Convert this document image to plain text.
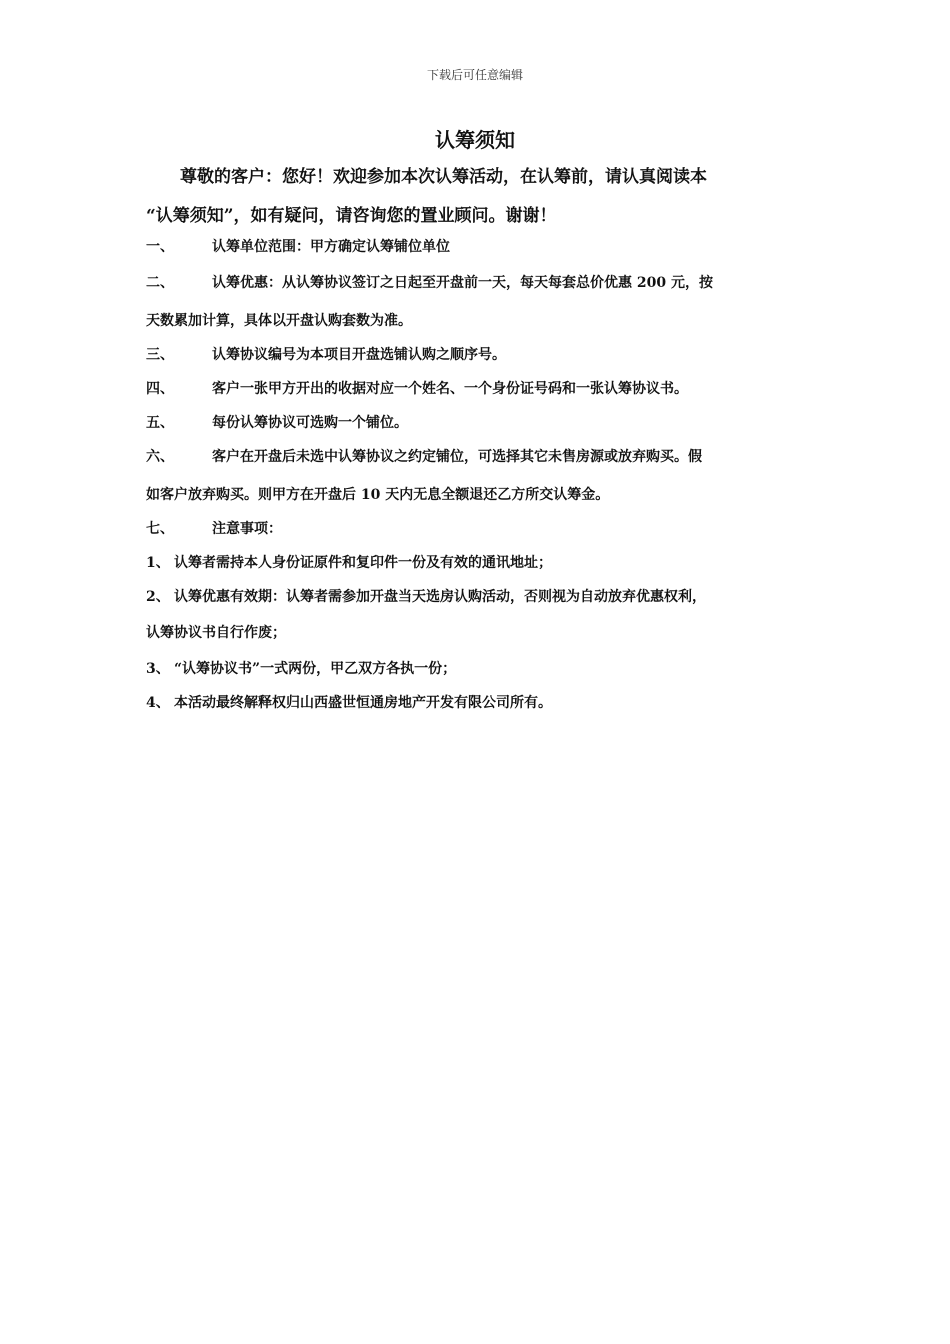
下载后可任意编辑
认筹须知
尊敬的客户：您好！欢迎参加本次认筹活动，在认筹前，请认真阅读本
“认筹须知”，如有疑问，请咨询您的置业顾问。谢谢！
一、	认筹单位范围：甲方确定认筹铺位单位
二、	认筹优惠：从认筹协议签订之日起至开盘前一天，每天每套总价优惠 200 元，按
天数累加计算，具体以开盘认购套数为准。
三、	认筹协议编号为本项目开盘选铺认购之顺序号。
四、	客户一张甲方开出的收据对应一个姓名、一个身份证号码和一张认筹协议书。
五、	每份认筹协议可选购一个铺位。
六、	客户在开盘后未选中认筹协议之约定铺位，可选择其它未售房源或放弃购买。假
如客户放弃购买。则甲方在开盘后 10 天内无息全额退还乙方所交认筹金。
七、	注意事项：
1、 认筹者需持本人身份证原件和复印件一份及有效的通讯地址；
2、 认筹优惠有效期：认筹者需参加开盘当天选房认购活动，否则视为自动放弃优惠权利，
认筹协议书自行作废；
3、 “认筹协议书”一式两份，甲乙双方各执一份；
4、 本活动最终解释权归山西盛世恒通房地产开发有限公司所有。
